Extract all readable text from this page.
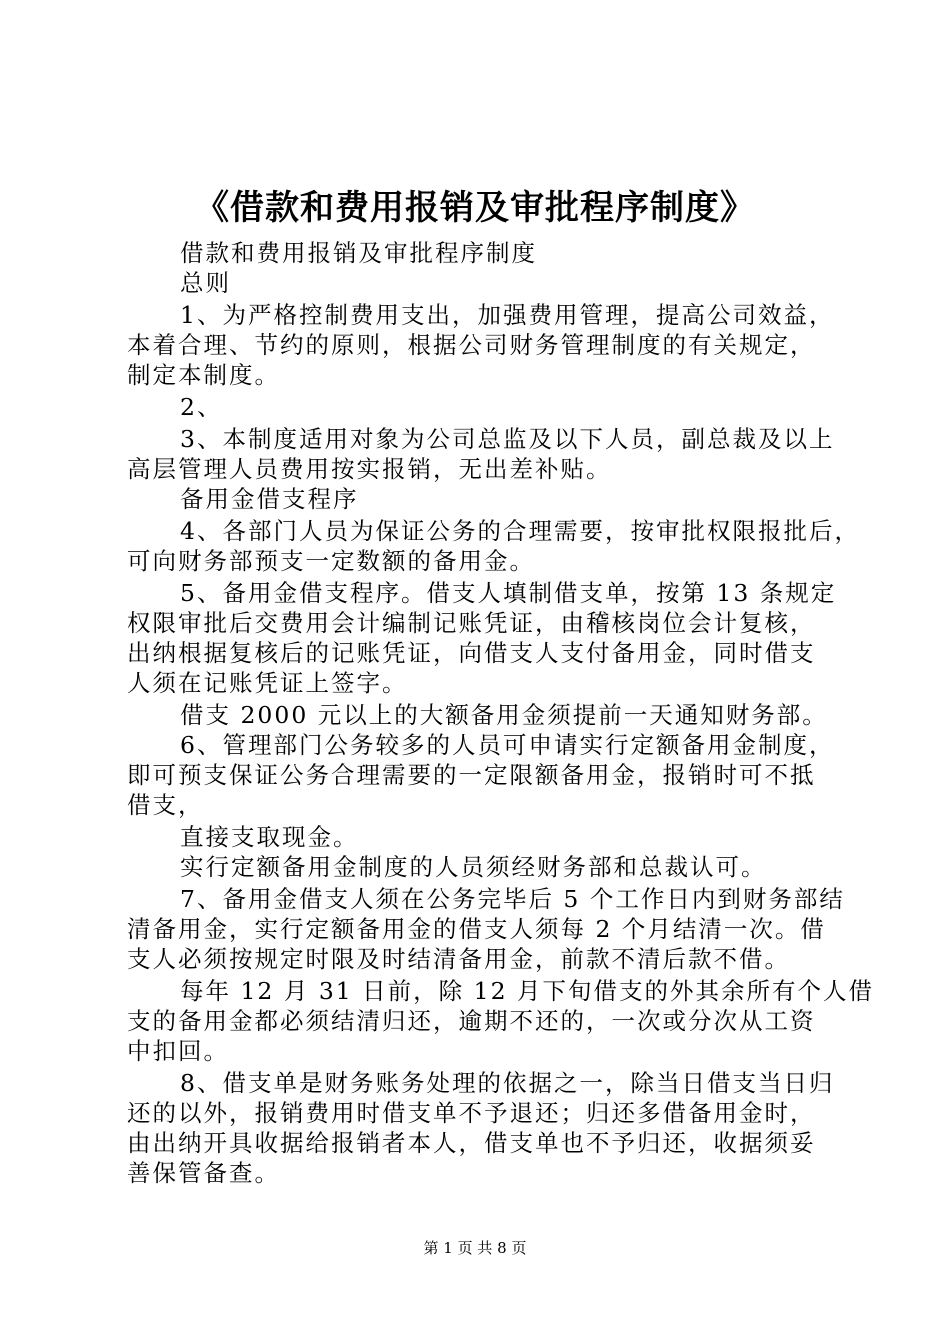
《借款和费用报销及审批程序制度》
借款和费用报销及审批程序制度
总则
1、为严格控制费用支出，加强费用管理，提高公司效益，
本着合理、节约的原则，根据公司财务管理制度的有关规定，
制定本制度。
2、
3、本制度适用对象为公司总监及以下人员，副总裁及以上
高层管理人员费用按实报销，无出差补贴。
备用金借支程序
4、各部门人员为保证公务的合理需要，按审批权限报批后，
可向财务部预支一定数额的备用金。
5、备用金借支程序。借支人填制借支单，按第 13 条规定
权限审批后交费用会计编制记账凭证，由稽核岗位会计复核，
出纳根据复核后的记账凭证，向借支人支付备用金，同时借支
人须在记账凭证上签字。
借支 2000 元以上的大额备用金须提前一天通知财务部。
6、管理部门公务较多的人员可申请实行定额备用金制度，
即可预支保证公务合理需要的一定限额备用金，报销时可不抵
借支，
直接支取现金。
实行定额备用金制度的人员须经财务部和总裁认可。
7、备用金借支人须在公务完毕后 5 个工作日内到财务部结
清备用金，实行定额备用金的借支人须每 2 个月结清一次。借
支人必须按规定时限及时结清备用金，前款不清后款不借。
每年 12 月 31 日前，除 12 月下旬借支的外其余所有个人借
支的备用金都必须结清归还，逾期不还的，一次或分次从工资
中扣回。
8、借支单是财务账务处理的依据之一，除当日借支当日归
还的以外，报销费用时借支单不予退还；归还多借备用金时，
由出纳开具收据给报销者本人，借支单也不予归还，收据须妥
善保管备查。
第 1 页 共 8 页
